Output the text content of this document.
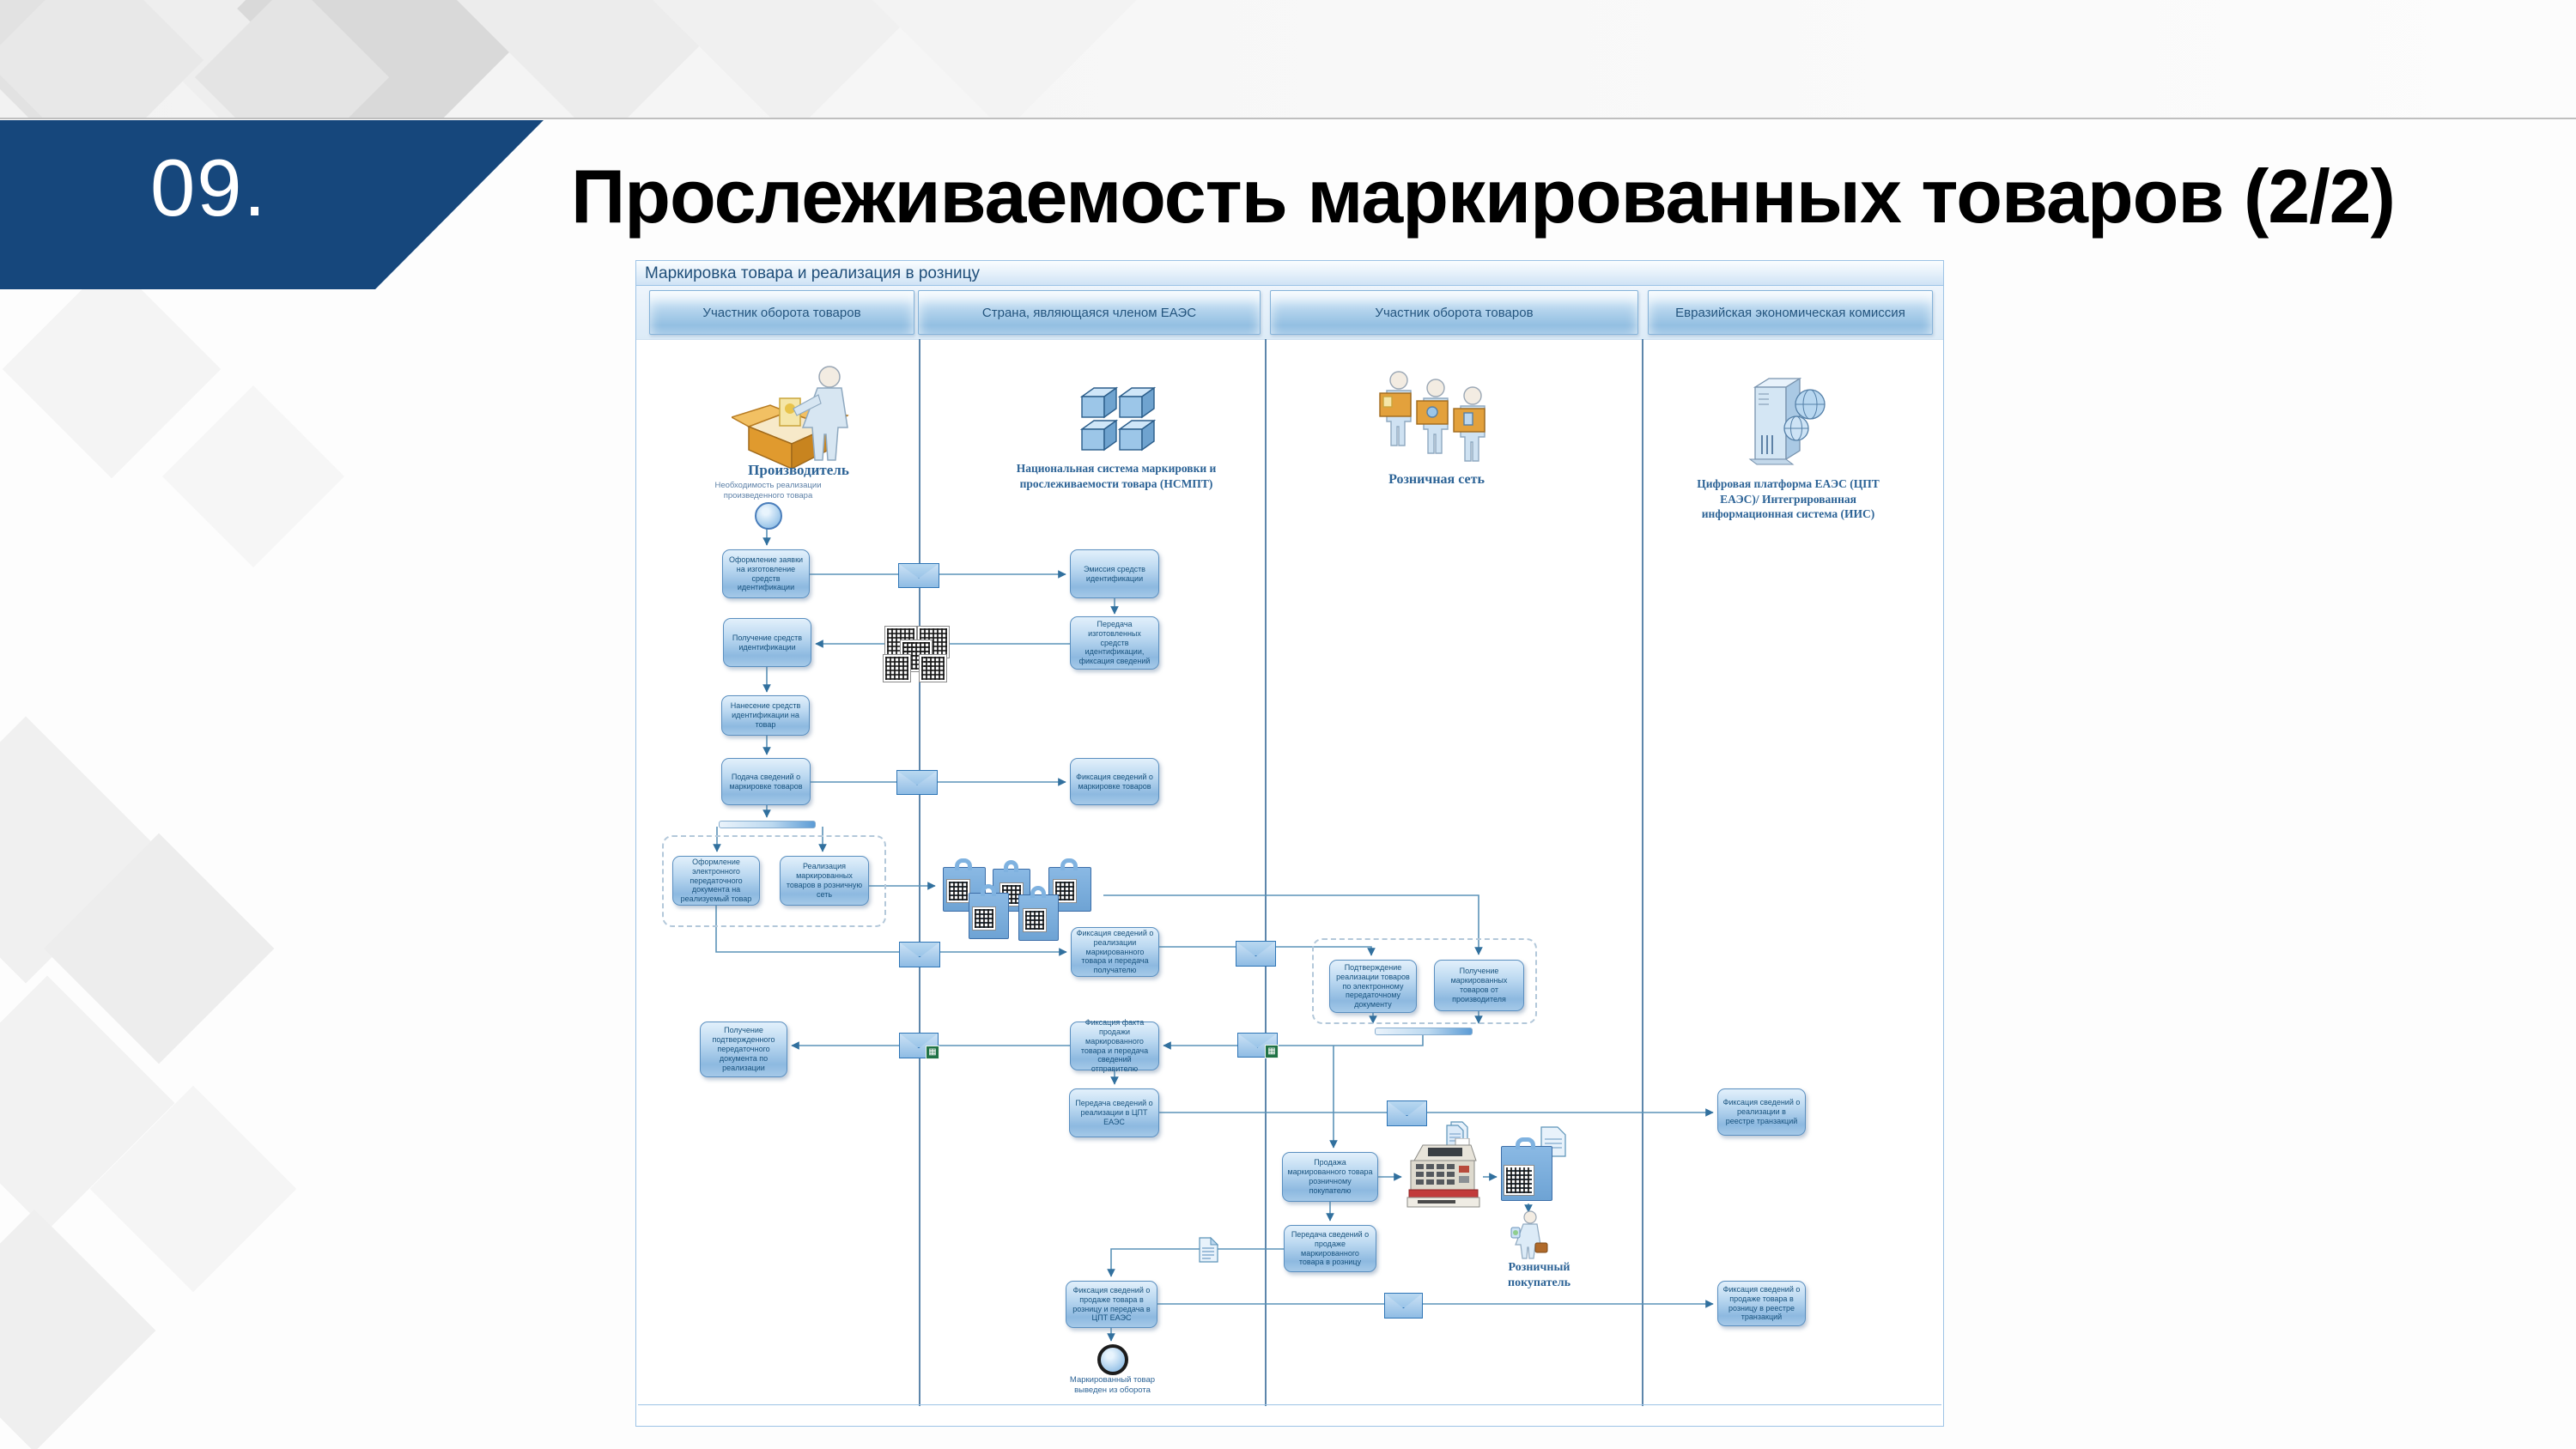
09.	Прослеживаемость маркированных товаров (2/2)
Маркировка товара и реализация в розницу
Участник оборота товаров	Страна, являющаяся членом ЕАЭС	Участник оборота товаров	Евразийская экономическая комиссия
Производитель
Необходимость реализации произведенного товара
Оформление заявки на изготовление средств идентификации
Получение средств идентификации
Нанесение средств идентификации на товар
Подача сведений о маркировке товаров
Оформление электронного передаточного документа на реализуемый товар
Реализация маркированных товаров в розничную сеть
Получение подтвержденного передаточного документа по реализации
▦
Национальная система маркировки и прослеживаемости товара (НСМПТ)
Эмиссия средств идентификации
Передача изготовленных средств идентификации, фиксация сведений
Фиксация сведений о маркировке товаров
Фиксация сведений о реализации маркированного товара и передача получателю
Фиксация факта продажи маркированного товара и передача сведений отправителю
Передача сведений о реализации в ЦПТ ЕАЭС
Фиксация сведений о продаже товара в розницу и передача в ЦПТ ЕАЭС
Маркированный товар выведен из оборота
▦
Розничная сеть
Подтверждение реализации товаров по электронному передаточному документу
Получение маркированных товаров от производителя
Продажа маркированного товара розничному покупателю
Передача сведений о продаже маркированного товара в розницу	Розничный покупатель
Цифровая платформа ЕАЭС (ЦПТ ЕАЭС)/ Интегрированная информационная система (ИИС)
Фиксация сведений о реализации в реестре транзакций
Фиксация сведений о продаже товара в розницу в реестре транзакций
